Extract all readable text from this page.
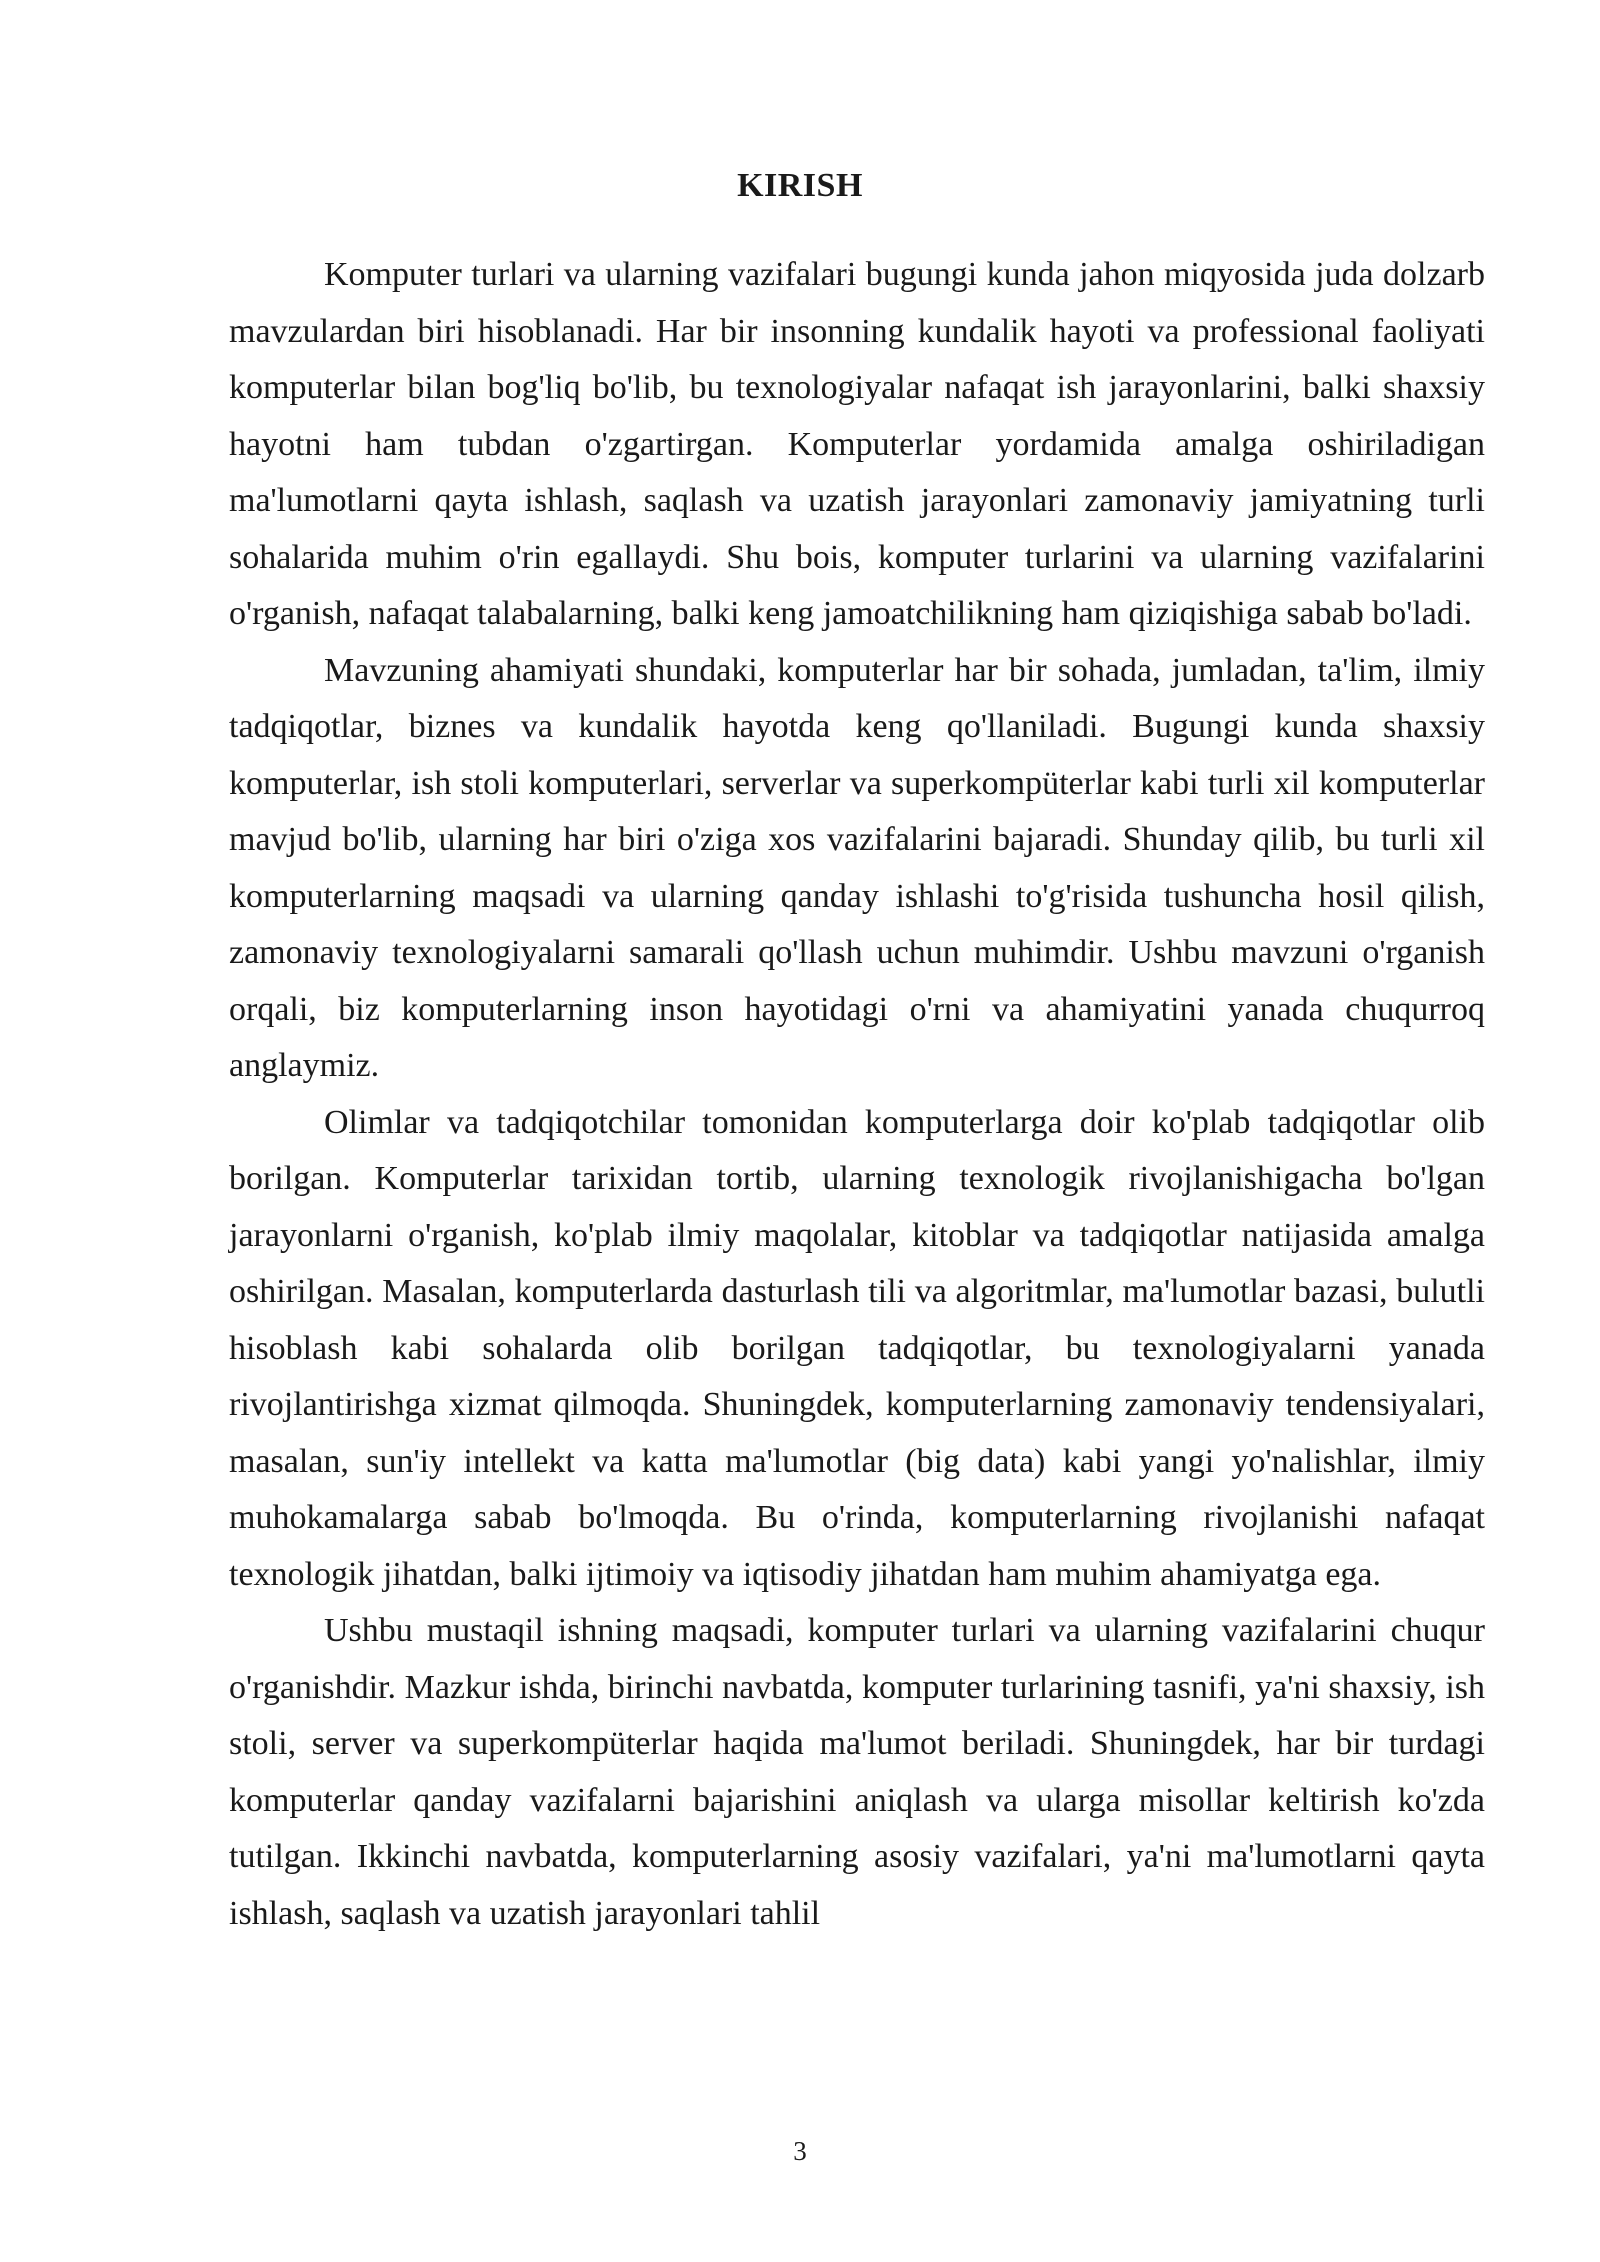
KIRISH

Komputer turlari va ularning vazifalari bugungi kunda jahon miqyosida juda dolzarb mavzulardan biri hisoblanadi. Har bir insonning kundalik hayoti va professional faoliyati komputerlar bilan bog'liq bo'lib, bu texnologiyalar nafaqat ish jarayonlarini, balki shaxsiy hayotni ham tubdan o'zgartirgan. Komputerlar yordamida amalga oshiriladigan ma'lumotlarni qayta ishlash, saqlash va uzatish jarayonlari zamonaviy jamiyatning turli sohalarida muhim o'rin egallaydi. Shu bois, komputer turlarini va ularning vazifalarini o'rganish, nafaqat talabalarning, balki keng jamoatchilikning ham qiziqishiga sabab bo'ladi.

Mavzuning ahamiyati shundaki, komputerlar har bir sohada, jumladan, ta'lim, ilmiy tadqiqotlar, biznes va kundalik hayotda keng qo'llaniladi. Bugungi kunda shaxsiy komputerlar, ish stoli komputerlari, serverlar va superkompüterlar kabi turli xil komputerlar mavjud bo'lib, ularning har biri o'ziga xos vazifalarini bajaradi. Shunday qilib, bu turli xil komputerlarning maqsadi va ularning qanday ishlashi to'g'risida tushuncha hosil qilish, zamonaviy texnologiyalarni samarali qo'llash uchun muhimdir. Ushbu mavzuni o'rganish orqali, biz komputerlarning inson hayotidagi o'rni va ahamiyatini yanada chuqurroq anglaymiz.

Olimlar va tadqiqotchilar tomonidan komputerlarga doir ko'plab tadqiqotlar olib borilgan. Komputerlar tarixidan tortib, ularning texnologik rivojlanishigacha bo'lgan jarayonlarni o'rganish, ko'plab ilmiy maqolalar, kitoblar va tadqiqotlar natijasida amalga oshirilgan. Masalan, komputerlarda dasturlash tili va algoritmlar, ma'lumotlar bazasi, bulutli hisoblash kabi sohalarda olib borilgan tadqiqotlar, bu texnologiyalarni yanada rivojlantirishga xizmat qilmoqda. Shuningdek, komputerlarning zamonaviy tendensiyalari, masalan, sun'iy intellekt va katta ma'lumotlar (big data) kabi yangi yo'nalishlar, ilmiy muhokamalarga sabab bo'lmoqda. Bu o'rinda, komputerlarning rivojlanishi nafaqat texnologik jihatdan, balki ijtimoiy va iqtisodiy jihatdan ham muhim ahamiyatga ega.

Ushbu mustaqil ishning maqsadi, komputer turlari va ularning vazifalarini chuqur o'rganishdir. Mazkur ishda, birinchi navbatda, komputer turlarining tasnifi, ya'ni shaxsiy, ish stoli, server va superkompüterlar haqida ma'lumot beriladi. Shuningdek, har bir turdagi komputerlar qanday vazifalarni bajarishini aniqlash va ularga misollar keltirish ko'zda tutilgan. Ikkinchi navbatda, komputerlarning asosiy vazifalari, ya'ni ma'lumotlarni qayta ishlash, saqlash va uzatish jarayonlari tahlil

3
